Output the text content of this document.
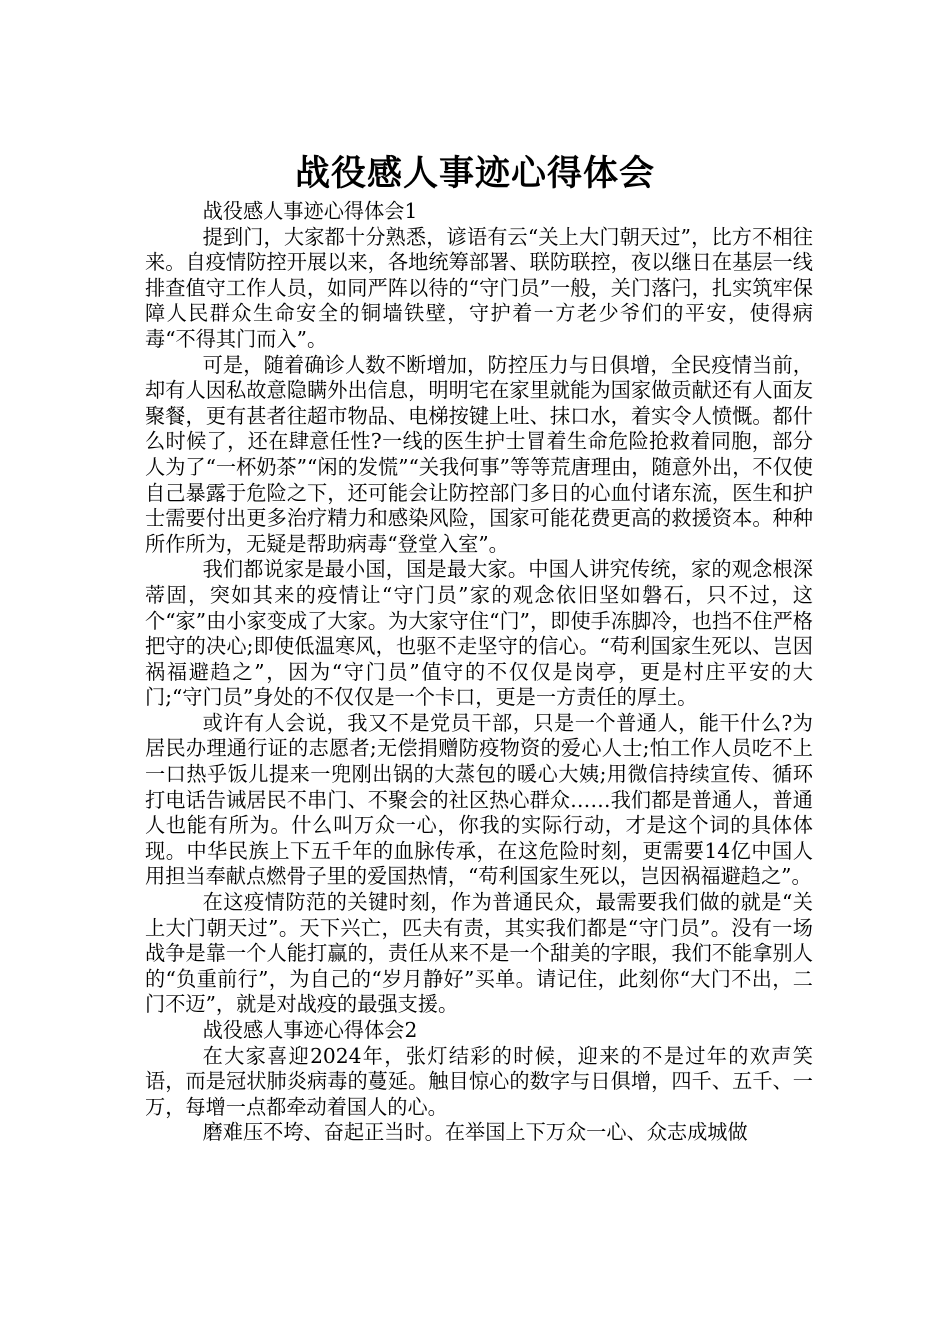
战役感人事迹心得体会

战役感人事迹心得体会1

提到门，大家都十分熟悉，谚语有云“关上大门朝天过”，比方不相往来。自疫情防控开展以来，各地统筹部署、联防联控，夜以继日在基层一线排查值守工作人员，如同严阵以待的“守门员”一般，关门落闩，扎实筑牢保障人民群众生命安全的铜墙铁壁，守护着一方老少爷们的平安，使得病毒“不得其门而入”。

可是，随着确诊人数不断增加，防控压力与日俱增，全民疫情当前，却有人因私故意隐瞒外出信息，明明宅在家里就能为国家做贡献还有人面友聚餐，更有甚者往超市物品、电梯按键上吐、抹口水，着实令人愤慨。都什么时候了，还在肆意任性?一线的医生护士冒着生命危险抢救着同胞，部分人为了“一杯奶茶”“闲的发慌”“关我何事”等等荒唐理由，随意外出，不仅使自己暴露于危险之下，还可能会让防控部门多日的心血付诸东流，医生和护士需要付出更多治疗精力和感染风险，国家可能花费更高的救援资本。种种所作所为，无疑是帮助病毒“登堂入室”。

我们都说家是最小国，国是最大家。中国人讲究传统，家的观念根深蒂固，突如其来的疫情让“守门员”家的观念依旧坚如磐石，只不过，这个“家”由小家变成了大家。为大家守住“门”，即使手冻脚冷，也挡不住严格把守的决心;即使低温寒风，也驱不走坚守的信心。“苟利国家生死以、岂因祸福避趋之”，因为“守门员”值守的不仅仅是岗亭，更是村庄平安的大门;“守门员”身处的不仅仅是一个卡口，更是一方责任的厚土。

或许有人会说，我又不是党员干部，只是一个普通人，能干什么?为居民办理通行证的志愿者;无偿捐赠防疫物资的爱心人士;怕工作人员吃不上一口热乎饭儿提来一兜刚出锅的大蒸包的暖心大姨;用微信持续宣传、循环打电话告诫居民不串门、不聚会的社区热心群众……我们都是普通人，普通人也能有所为。什么叫万众一心，你我的实际行动，才是这个词的具体体现。中华民族上下五千年的血脉传承，在这危险时刻，更需要14亿中国人用担当奉献点燃骨子里的爱国热情，“苟利国家生死以，岂因祸福避趋之”。

在这疫情防范的关键时刻，作为普通民众，最需要我们做的就是“关上大门朝天过”。天下兴亡，匹夫有责，其实我们都是“守门员”。没有一场战争是靠一个人能打赢的，责任从来不是一个甜美的字眼，我们不能拿别人的“负重前行”，为自己的“岁月静好”买单。请记住，此刻你“大门不出，二门不迈”，就是对战疫的最强支援。

战役感人事迹心得体会2

在大家喜迎2024年，张灯结彩的时候，迎来的不是过年的欢声笑语，而是冠状肺炎病毒的蔓延。触目惊心的数字与日俱增，四千、五千、一万，每增一点都牵动着国人的心。

磨难压不垮、奋起正当时。在举国上下万众一心、众志成城做
